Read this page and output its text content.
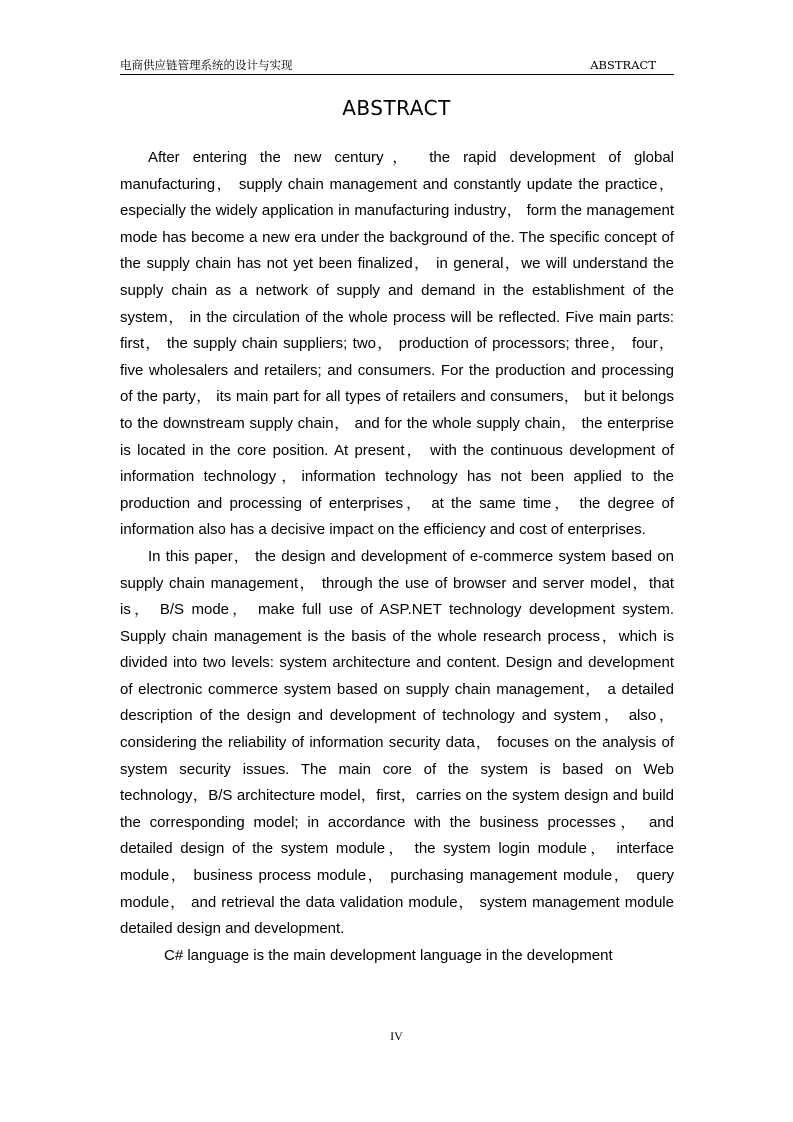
电商供应链管理系统的设计与实现	ABSTRACT
ABSTRACT

After entering the new century， the rapid development of global manufacturing， supply chain management and constantly update the practice，especially the widely application in manufacturing industry， form the management mode has become a new era under the background of the. The specific concept of the supply chain has not yet been finalized， in general，we will understand the supply chain as a network of supply and demand in the establishment of the system， in the circulation of the whole process will be reflected. Five main parts: first， the supply chain suppliers; two， production of processors; three， four， five wholesalers and retailers; and consumers. For the production and processing of the party， its main part for all types of retailers and consumers， but it belongs to the downstream supply chain， and for the whole supply chain， the enterprise is located in the core position. At present， with the continuous development of information technology，information technology has not been applied to the production and processing of enterprises， at the same time， the degree of information also has a decisive impact on the efficiency and cost of enterprises.

In this paper， the design and development of e-commerce system based on supply chain management， through the use of browser and server model，that is， B/S mode， make full use of ASP.NET technology development system. Supply chain management is the basis of the whole research process，which is divided into two levels: system architecture and content. Design and development of electronic commerce system based on supply chain management， a detailed description of the design and development of technology and system， also， considering the reliability of information security data， focuses on the analysis of system security issues. The main core of the system is based on Web technology，B/S architecture model，first，carries on the system design and build the corresponding model; in accordance with the business processes， and detailed design of the system module， the system login module， interface module， business process module， purchasing management module， query module， and retrieval the data validation module， system management module detailed design and development.

C# language is the main development language in the development

IV
